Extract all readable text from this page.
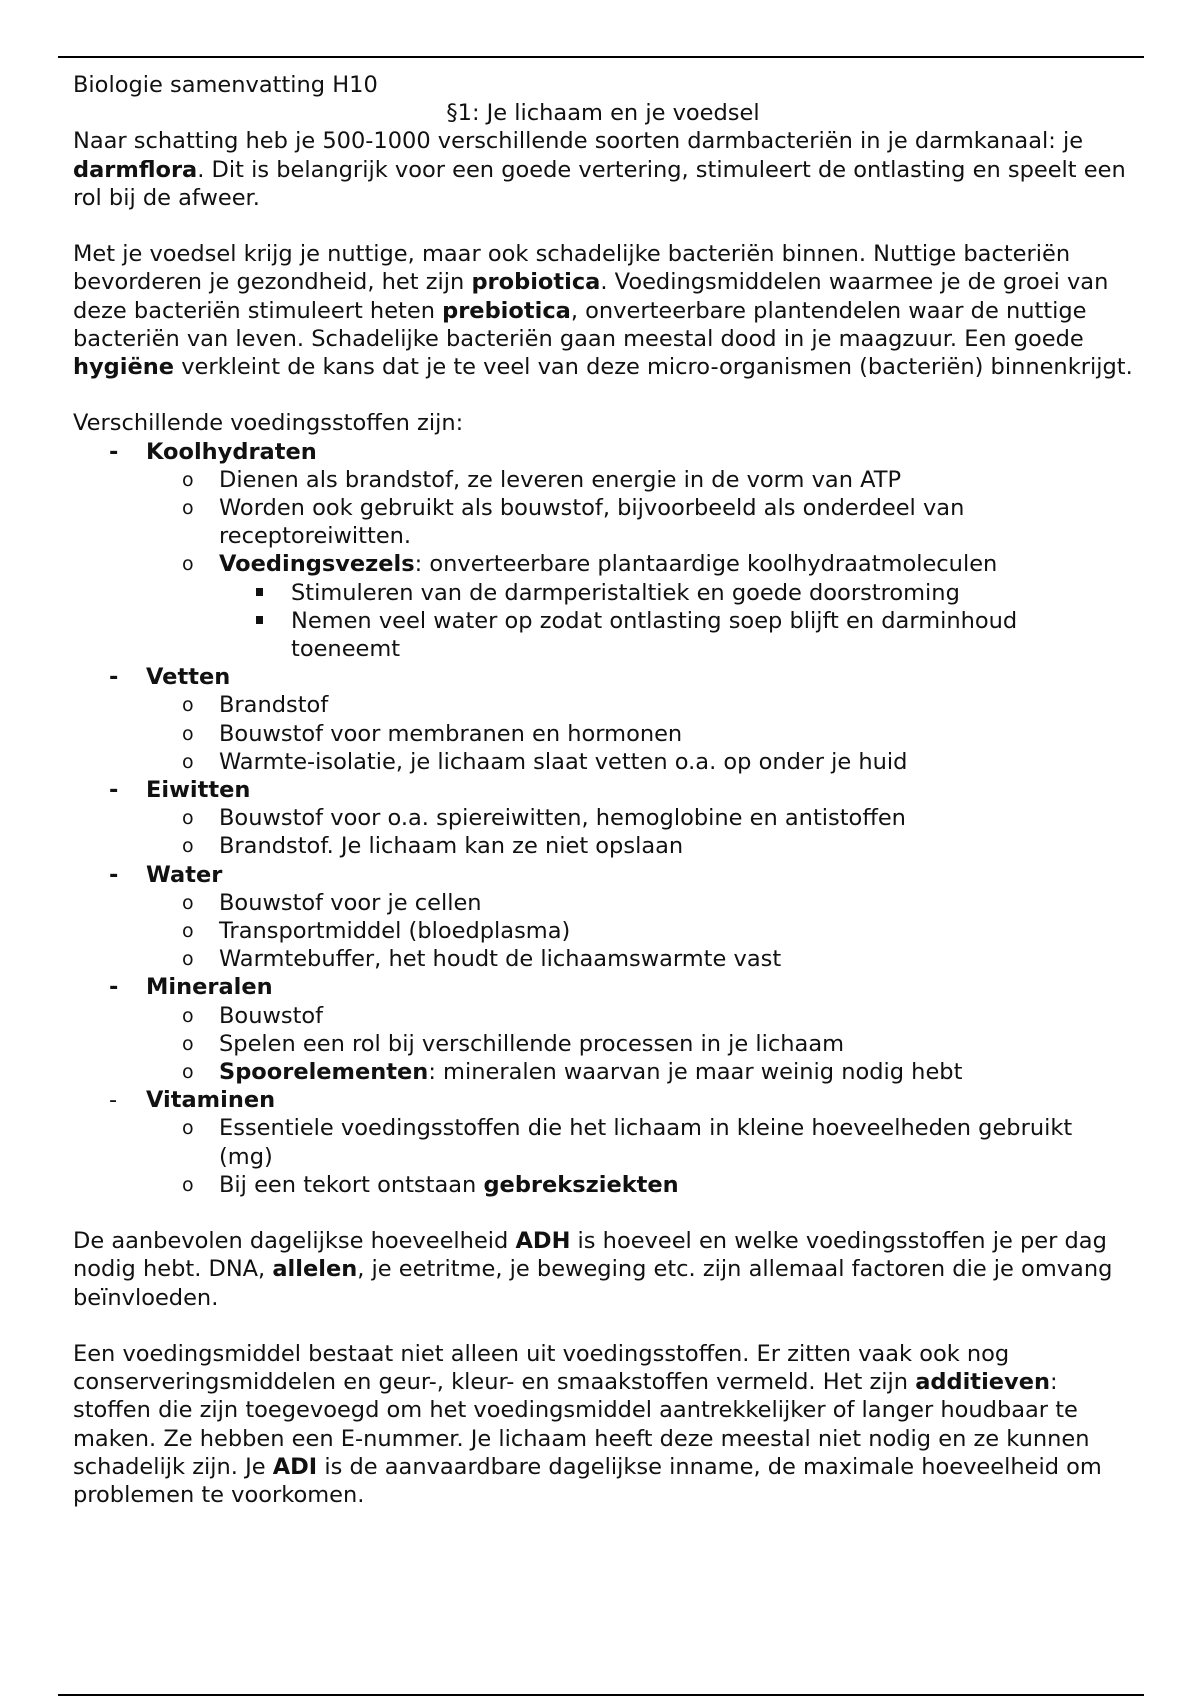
Biologie samenvatting H10

§1: Je lichaam en je voedsel

Naar schatting heb je 500-1000 verschillende soorten darmbacteriën in je darmkanaal: je darmflora. Dit is belangrijk voor een goede vertering, stimuleert de ontlasting en speelt een rol bij de afweer.

Met je voedsel krijg je nuttige, maar ook schadelijke bacteriën binnen. Nuttige bacteriën bevorderen je gezondheid, het zijn probiotica. Voedingsmiddelen waarmee je de groei van deze bacteriën stimuleert heten prebiotica, onverteerbare plantendelen waar de nuttige bacteriën van leven. Schadelijke bacteriën gaan meestal dood in je maagzuur. Een goede hygiëne verkleint de kans dat je te veel van deze micro-organismen (bacteriën) binnenkrijgt.

Verschillende voedingsstoffen zijn:

- Koolhydraten
o Dienen als brandstof, ze leveren energie in de vorm van ATP
o Worden ook gebruikt als bouwstof, bijvoorbeeld als onderdeel van receptoreiwitten.
o Voedingsvezels: onverteerbare plantaardige koolhydraatmoleculen
Stimuleren van de darmperistaltiek en goede doorstroming
Nemen veel water op zodat ontlasting soep blijft en darminhoud toeneemt
- Vetten
o Brandstof
o Bouwstof voor membranen en hormonen
o Warmte-isolatie, je lichaam slaat vetten o.a. op onder je huid
- Eiwitten
o Bouwstof voor o.a. spiereiwitten, hemoglobine en antistoffen
o Brandstof. Je lichaam kan ze niet opslaan
- Water
o Bouwstof voor je cellen
o Transportmiddel (bloedplasma)
o Warmtebuffer, het houdt de lichaamswarmte vast
- Mineralen
o Bouwstof
o Spelen een rol bij verschillende processen in je lichaam
o Spoorelementen: mineralen waarvan je maar weinig nodig hebt
- Vitaminen
o Essentiele voedingsstoffen die het lichaam in kleine hoeveelheden gebruikt (mg)
o Bij een tekort ontstaan gebreksziekten

De aanbevolen dagelijkse hoeveelheid ADH is hoeveel en welke voedingsstoffen je per dag nodig hebt. DNA, allelen, je eetritme, je beweging etc. zijn allemaal factoren die je omvang beïnvloeden.

Een voedingsmiddel bestaat niet alleen uit voedingsstoffen. Er zitten vaak ook nog conserveringsmiddelen en geur-, kleur- en smaakstoffen vermeld. Het zijn additieven: stoffen die zijn toegevoegd om het voedingsmiddel aantrekkelijker of langer houdbaar te maken. Ze hebben een E-nummer. Je lichaam heeft deze meestal niet nodig en ze kunnen schadelijk zijn. Je ADI is de aanvaardbare dagelijkse inname, de maximale hoeveelheid om problemen te voorkomen.
